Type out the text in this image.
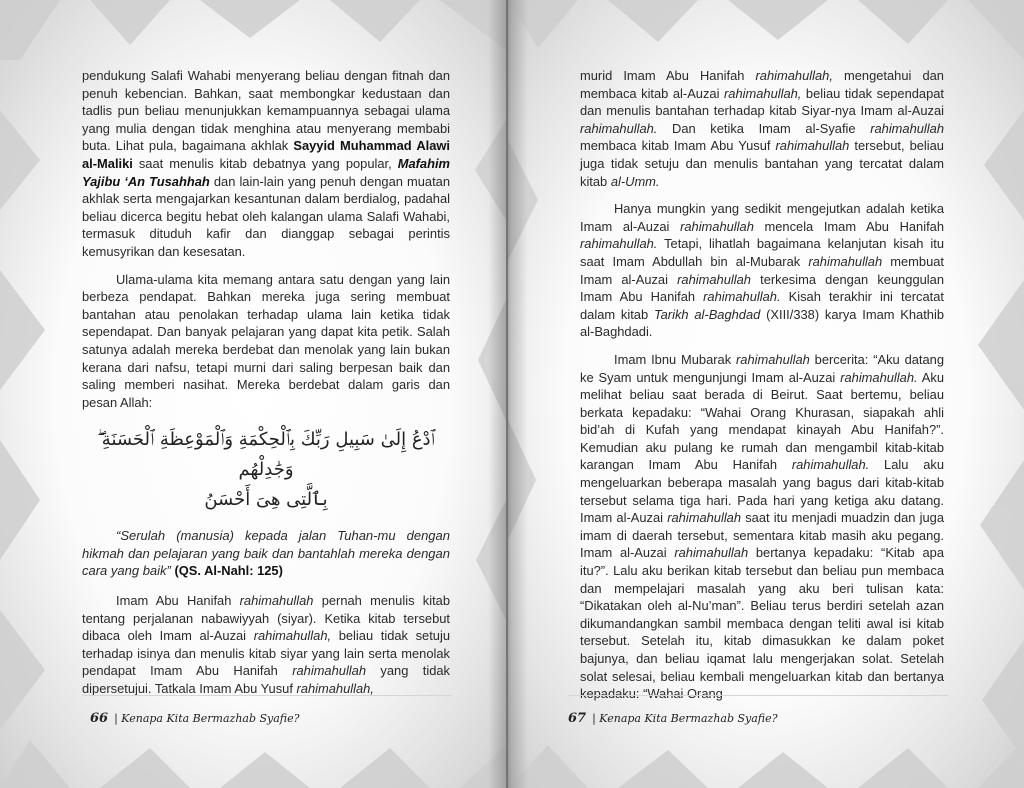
pendukung Salafi Wahabi menyerang beliau dengan fitnah dan penuh kebencian. Bahkan, saat membongkar kedustaan dan tadlis pun beliau menunjukkan kemampuannya sebagai ulama yang mulia dengan tidak menghina atau menyerang membabi buta. Lihat pula, bagaimana akhlak Sayyid Muhammad Alawi al-Maliki saat menulis kitab debatnya yang popular, Mafahim Yajibu ‘An Tusahhah dan lain-lain yang penuh dengan muatan akhlak serta mengajarkan kesantunan dalam berdialog, padahal beliau dicerca begitu hebat oleh kalangan ulama Salafi Wahabi, termasuk dituduh kafir dan dianggap sebagai perintis kemusyrikan dan kesesatan.

Ulama-ulama kita memang antara satu dengan yang lain berbeza pendapat. Bahkan mereka juga sering membuat bantahan atau penolakan terhadap ulama lain ketika tidak sependapat. Dan banyak pelajaran yang dapat kita petik. Salah satunya adalah mereka berdebat dan menolak yang lain bukan kerana dari nafsu, tetapi murni dari saling berpesan baik dan saling memberi nasihat. Mereka berdebat dalam garis dan pesan Allah:

ٱدْعُ إِلَىٰ سَبِيلِ رَبِّكَ بِٱلْحِكْمَةِ وَٱلْمَوْعِظَةِ ٱلْحَسَنَةِ ۖ وَجَٰدِلْهُم
بِٱلَّتِى هِىَ أَحْسَنُ

“Serulah (manusia) kepada jalan Tuhan-mu dengan hikmah dan pelajaran yang baik dan bantahlah mereka dengan cara yang baik” (QS. Al-Nahl: 125)

Imam Abu Hanifah rahimahullah pernah menulis kitab tentang perjalanan nabawiyyah (siyar). Ketika kitab tersebut dibaca oleh Imam al-Auzai rahimahullah, beliau tidak setuju terhadap isinya dan menulis kitab siyar yang lain serta menolak pendapat Imam Abu Hanifah rahimahullah yang tidak dipersetujui. Tatkala Imam Abu Yusuf rahimahullah,

66 | Kenapa Kita Bermazhab Syafie?

murid Imam Abu Hanifah rahimahullah, mengetahui dan membaca kitab al-Auzai rahimahullah, beliau tidak sependapat dan menulis bantahan terhadap kitab Siyar-nya Imam al-Auzai rahimahullah. Dan ketika Imam al-Syafie rahimahullah membaca kitab Imam Abu Yusuf rahimahullah tersebut, beliau juga tidak setuju dan menulis bantahan yang tercatat dalam kitab al-Umm.

Hanya mungkin yang sedikit mengejutkan adalah ketika Imam al-Auzai rahimahullah mencela Imam Abu Hanifah rahimahullah. Tetapi, lihatlah bagaimana kelanjutan kisah itu saat Imam Abdullah bin al-Mubarak rahimahullah membuat Imam al-Auzai rahimahullah terkesima dengan keunggulan Imam Abu Hanifah rahimahullah. Kisah terakhir ini tercatat dalam kitab Tarikh al-Baghdad (XIII/338) karya Imam Khathib al-Baghdadi.

Imam Ibnu Mubarak rahimahullah bercerita: “Aku datang ke Syam untuk mengunjungi Imam al-Auzai rahimahullah. Aku melihat beliau saat berada di Beirut. Saat bertemu, beliau berkata kepadaku: “Wahai Orang Khurasan, siapakah ahli bid’ah di Kufah yang mendapat kinayah Abu Hanifah?”. Kemudian aku pulang ke rumah dan mengambil kitab-kitab karangan Imam Abu Hanifah rahimahullah. Lalu aku mengeluarkan beberapa masalah yang bagus dari kitab-kitab tersebut selama tiga hari. Pada hari yang ketiga aku datang. Imam al-Auzai rahimahullah saat itu menjadi muadzin dan juga imam di daerah tersebut, sementara kitab masih aku pegang. Imam al-Auzai rahimahullah bertanya kepadaku: “Kitab apa itu?”. Lalu aku berikan kitab tersebut dan beliau pun membaca dan mempelajari masalah yang aku beri tulisan kata: “Dikatakan oleh al-Nu’man”. Beliau terus berdiri setelah azan dikumandangkan sambil membaca dengan teliti awal isi kitab tersebut. Setelah itu, kitab dimasukkan ke dalam poket bajunya, dan beliau iqamat lalu mengerjakan solat. Setelah solat selesai, beliau kembali mengeluarkan kitab dan bertanya kepadaku: “Wahai Orang

67 | Kenapa Kita Bermazhab Syafie?
